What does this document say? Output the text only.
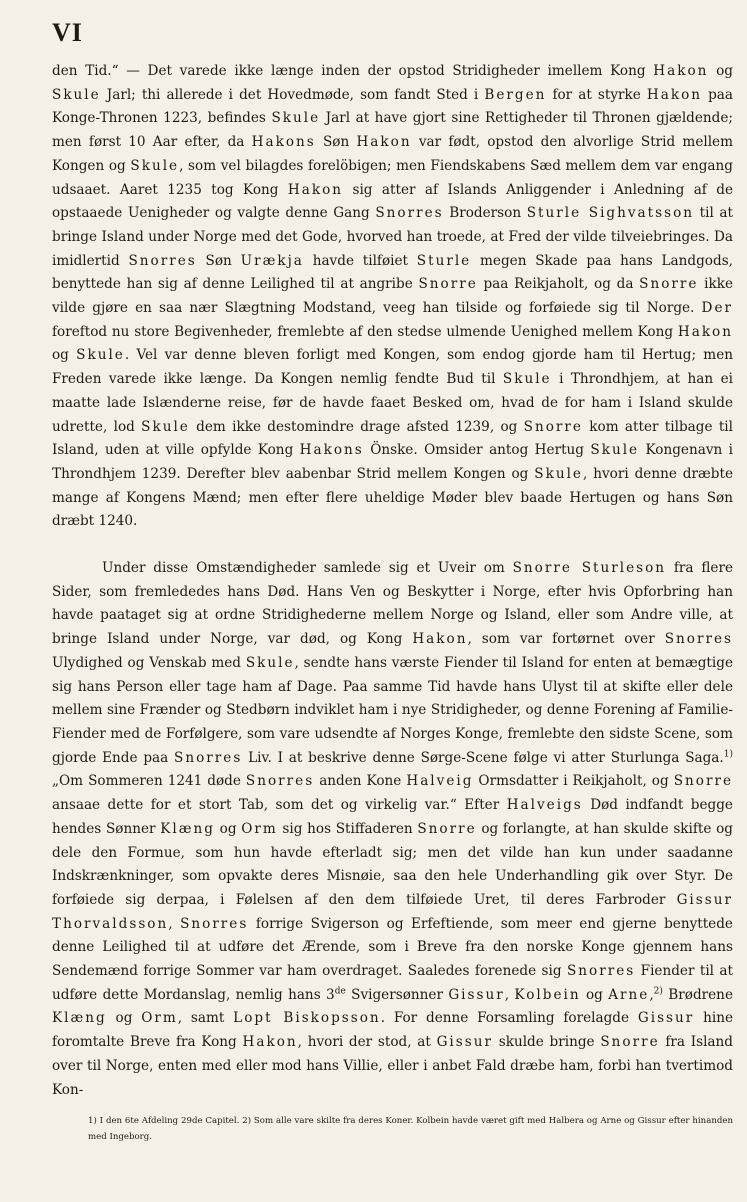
VI

den Tid.“ — Det varede ikke længe inden der opstod Stridigheder imellem Kong Hakon og Skule Jarl; thi allerede i det Hovedmøde, som fandt Sted i Bergen for at styrke Hakon paa Konge-Thronen 1223, befindes Skule Jarl at have gjort sine Rettigheder til Thronen gjældende; men først 10 Aar efter, da Hakons Søn Hakon var født, opstod den alvorlige Strid mellem Kongen og Skule, som vel bilagdes forelöbigen; men Fiendskabens Sæd mellem dem var engang udsaaet. Aaret 1235 tog Kong Hakon sig atter af Islands Anliggender i Anledning af de opstaaede Uenigheder og valgte denne Gang Snorres Broderson Sturle Sighvatsson til at bringe Island under Norge med det Gode, hvorved han troede, at Fred der vilde tilveiebringes. Da imidlertid Snorres Søn Urækja havde tilføiet Sturle megen Skade paa hans Landgods, benyttede han sig af denne Leilighed til at angribe Snorre paa Reikjaholt, og da Snorre ikke vilde gjøre en saa nær Slægtning Modstand, veeg han tilside og forføiede sig til Norge. Der foreftod nu store Begivenheder, fremlebte af den stedse ulmende Uenighed mellem Kong Hakon og Skule. Vel var denne bleven forligt med Kongen, som endog gjorde ham til Hertug; men Freden varede ikke længe. Da Kongen nemlig fendte Bud til Skule i Throndhjem, at han ei maatte lade Islænderne reise, før de havde faaet Besked om, hvad de for ham i Island skulde udrette, lod Skule dem ikke destomindre drage afsted 1239, og Snorre kom atter tilbage til Island, uden at ville opfylde Kong Hakons Önske. Omsider antog Hertug Skule Kongenavn i Throndhjem 1239. Derefter blev aabenbar Strid mellem Kongen og Skule, hvori denne dræbte mange af Kongens Mænd; men efter flere uheldige Møder blev baade Hertugen og hans Søn dræbt 1240.

Under disse Omstændigheder samlede sig et Uveir om Snorre Sturleson fra flere Sider, som fremlededes hans Død. Hans Ven og Beskytter i Norge, efter hvis Opforbring han havde paataget sig at ordne Stridighederne mellem Norge og Island, eller som Andre ville, at bringe Island under Norge, var død, og Kong Hakon, som var fortørnet over Snorres Ulydighed og Venskab med Skule, sendte hans værste Fiender til Island for enten at bemægtige sig hans Person eller tage ham af Dage. Paa samme Tid havde hans Ulyst til at skifte eller dele mellem sine Frænder og Stedbørn indviklet ham i nye Stridigheder, og denne Forening af Familie-Fiender med de Forfølgere, som vare udsendte af Norges Konge, fremlebte den sidste Scene, som gjorde Ende paa Snorres Liv. I at beskrive denne Sørge-Scene følge vi atter Sturlunga Saga.$^{1)}$ „Om Sommeren 1241 døde Snorres anden Kone Halveig Ormsdatter i Reikjaholt, og Snorre ansaae dette for et stort Tab, som det og virkelig var.“ Efter Halveigs Død indfandt begge hendes Sønner Klæng og Orm sig hos Stiffaderen Snorre og forlangte, at han skulde skifte og dele den Formue, som hun havde efterladt sig; men det vilde han kun under saadanne Indskrænkninger, som opvakte deres Misnøie, saa den hele Underhandling gik over Styr. De forføiede sig derpaa, i Følelsen af den dem tilføiede Uret, til deres Farbroder Gissur Thorvaldsson, Snorres forrige Svigerson og Erfeftiende, som meer end gjerne benyttede denne Leilighed til at udføre det Ærende, som i Breve fra den norske Konge gjennem hans Sendemænd forrige Sommer var ham overdraget. Saaledes forenede sig Snorres Fiender til at udføre dette Mordanslag, nemlig hans 3de Svigersønner Gissur, Kolbein og Arne,$^{2)}$ Brødrene Klæng og Orm, samt Lopt Biskopsson. For denne Forsamling forelagde Gissur hine foromtalte Breve fra Kong Hakon, hvori der stod, at Gissur skulde bringe Snorre fra Island over til Norge, enten med eller mod hans Villie, eller i anbet Fald dræbe ham, forbi han tvertimod Kon-

1) I den 6te Afdeling 29de Capitel. 2) Som alle vare skilte fra deres Koner. Kolbein havde været gift med Halbera og Arne og Gissur efter hinanden med Ingeborg.
